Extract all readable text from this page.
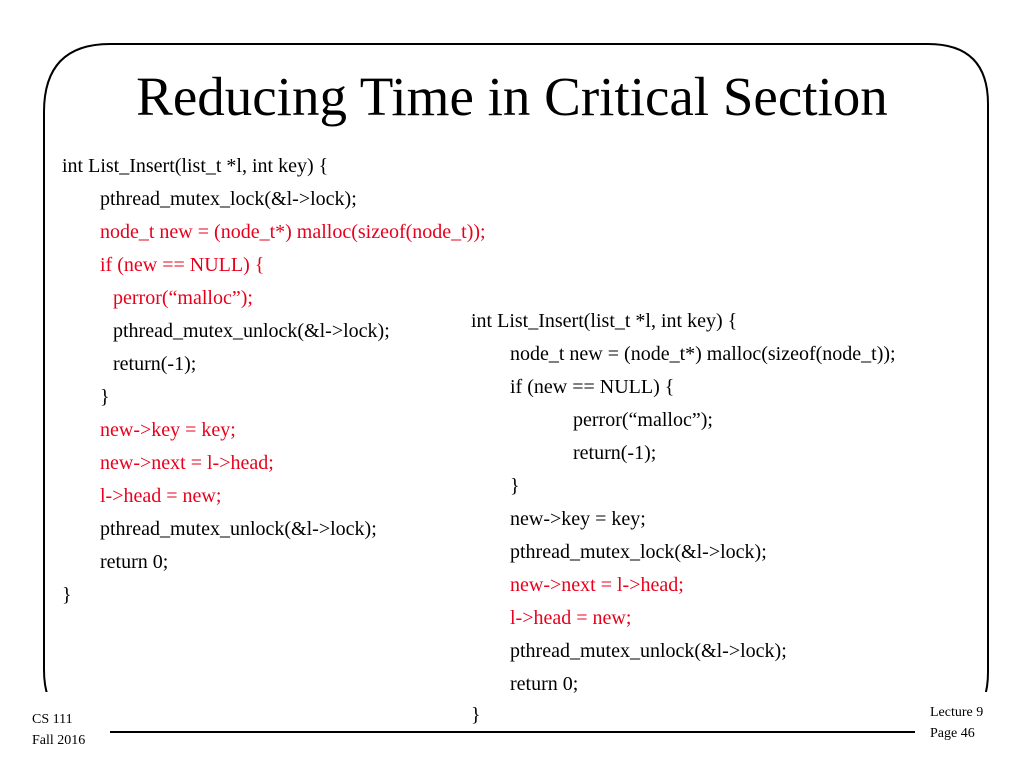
Reducing Time in Critical Section
int List_Insert(list_t *l, int key) {
pthread_mutex_lock(&l->lock);
node_t new = (node_t*) malloc(sizeof(node_t));
if (new == NULL) {
perror(“malloc”);
pthread_mutex_unlock(&l->lock);
return(-1);
}
new->key = key;
new->next = l->head;
l->head = new;
pthread_mutex_unlock(&l->lock);
return 0;
}
int List_Insert(list_t *l, int key) {
node_t new = (node_t*) malloc(sizeof(node_t));
if (new == NULL) {
perror(“malloc”);
return(-1);
}
new->key = key;
pthread_mutex_lock(&l->lock);
new->next = l->head;
l->head = new;
pthread_mutex_unlock(&l->lock);
return 0;
}
CS 111
Fall 2016
Lecture 9
Page 46
